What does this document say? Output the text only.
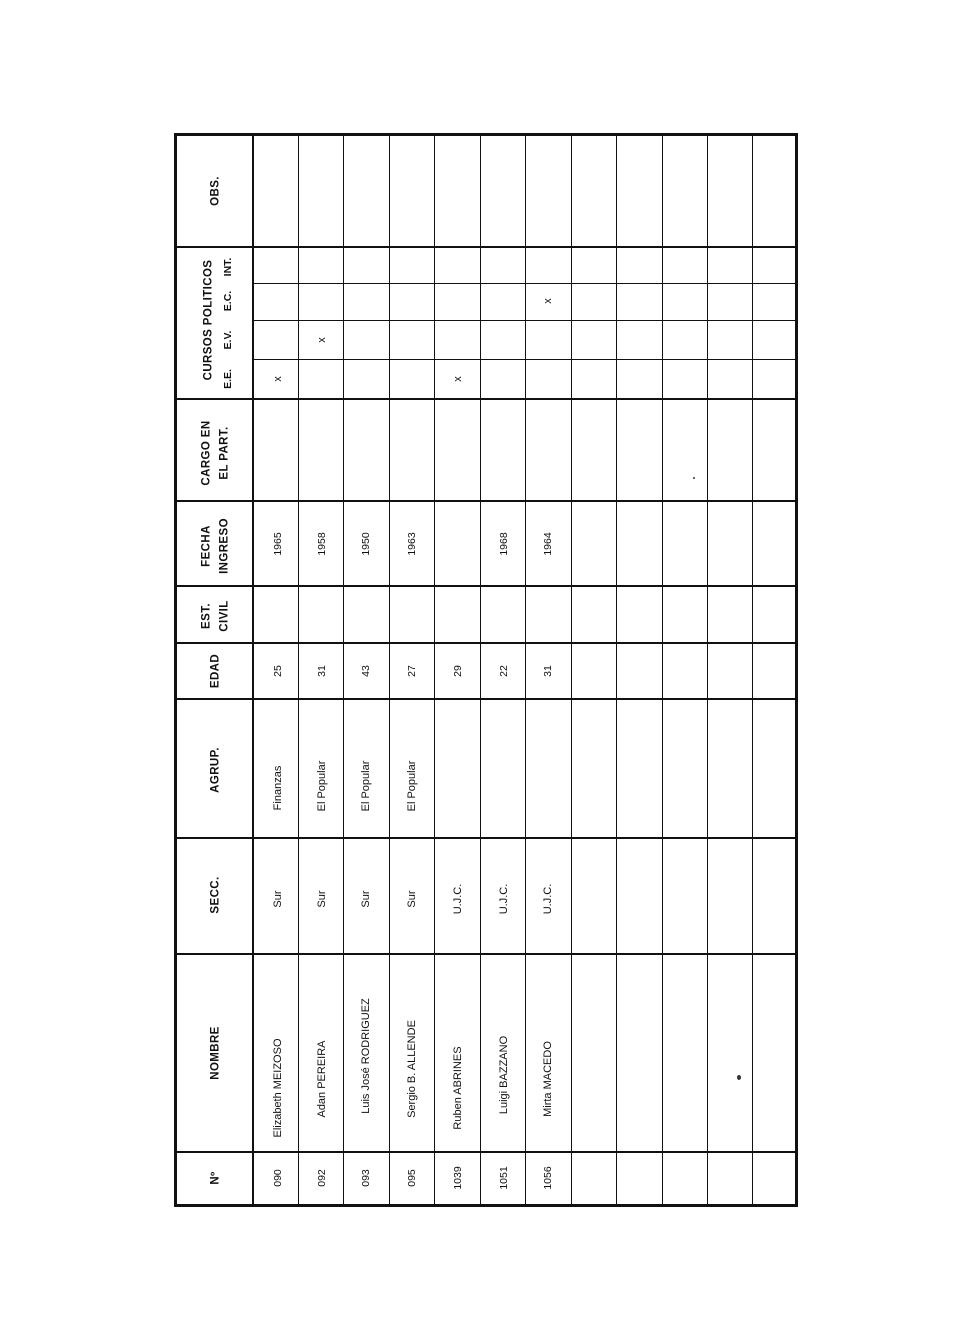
OBS.
CURSOS POLITICOS E.E.
E.V.
E.C.
INT.
CARGO EN EL PART.
FECHA INGRESO
EST. CIVIL
EDAD
AGRUP.
SECC.
NOMBRE
Nº	090
Elizabeth MEIZOSO
Sur
Finanzas
25
1965
x
092
Adan PEREIRA
Sur
El Popular
31
1958
x
093
Luis José RODRIGUEZ
Sur
El Popular
43
1950
095
Sergio B. ALLENDE
Sur
El Popular
27
1963
1039
Ruben ABRINES
U.J.C.
29
x
1051
Luigi BAZZANO
U.J.C.
22
1968
1056
Mirta MACEDO
U.J.C.
31
1964
x
